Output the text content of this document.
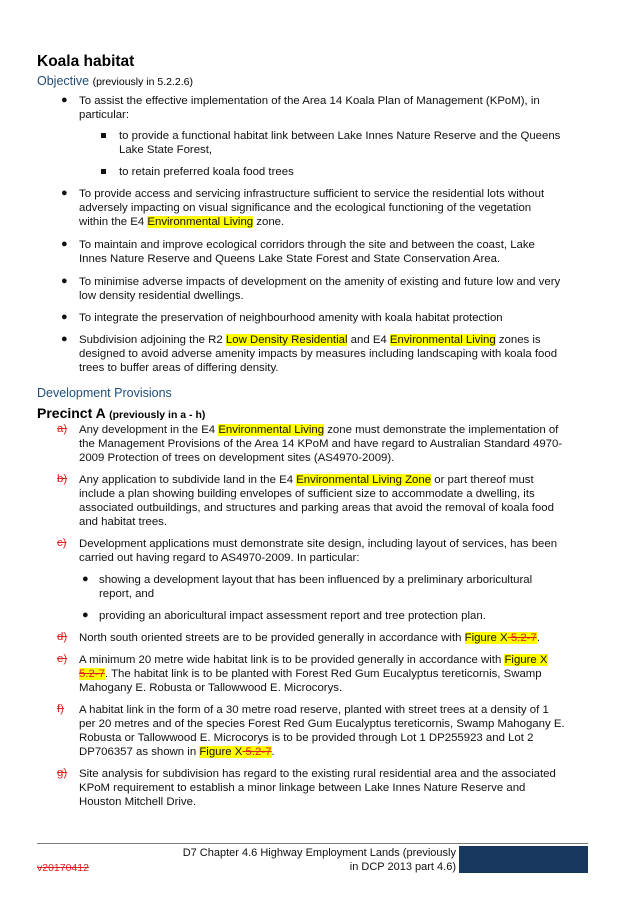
Koala habitat
Objective (previously in 5.2.2.6)
● To assist the effective implementation of the Area 14 Koala Plan of Management (KPoM), in particular:
to provide a functional habitat link between Lake Innes Nature Reserve and the Queens
Lake State Forest,
to retain preferred koala food trees
● To provide access and servicing infrastructure sufficient to service the residential lots without
adversely impacting on visual significance and the ecological functioning of the vegetation
within the E4 Environmental Living zone.
● To maintain and improve ecological corridors through the site and between the coast, Lake
Innes Nature Reserve and Queens Lake State Forest and State Conservation Area.
● To minimise adverse impacts of development on the amenity of existing and future low and very
low density residential dwellings.
● To integrate the preservation of neighbourhood amenity with koala habitat protection
● Subdivision adjoining the R2 Low Density Residential and E4 Environmental Living zones is
designed to avoid adverse amenity impacts by measures including landscaping with koala food
trees to buffer areas of differing density.
Development Provisions
Precinct A (previously in a - h)
a) Any development in the E4 Environmental Living zone must demonstrate the implementation of
the Management Provisions of the Area 14 KPoM and have regard to Australian Standard 4970-
2009 Protection of trees on development sites (AS4970-2009).
b) Any application to subdivide land in the E4 Environmental Living Zone or part thereof must
include a plan showing building envelopes of sufficient size to accommodate a dwelling, its
associated outbuildings, and structures and parking areas that avoid the removal of koala food
and habitat trees.
c) Development applications must demonstrate site design, including layout of services, has been
carried out having regard to AS4970-2009. In particular:
● showing a development layout that has been influenced by a preliminary arboricultural
report, and
● providing an aboricultural impact assessment report and tree protection plan.
d) North south oriented streets are to be provided generally in accordance with Figure X 5.2-7.
e) A minimum 20 metre wide habitat link is to be provided generally in accordance with Figure X
5.2-7. The habitat link is to be planted with Forest Red Gum Eucalyptus tereticornis, Swamp
Mahogany E. Robusta or Tallowwood E. Microcorys.
f) A habitat link in the form of a 30 metre road reserve, planted with street trees at a density of 1
per 20 metres and of the species Forest Red Gum Eucalyptus tereticornis, Swamp Mahogany E.
Robusta or Tallowwood E. Microcorys is to be provided through Lot 1 DP255923 and Lot 2
DP706357 as shown in Figure X 5.2-7.
g) Site analysis for subdivision has regard to the existing rural residential area and the associated
KPoM requirement to establish a minor linkage between Lake Innes Nature Reserve and
Houston Mitchell Drive.
D7 Chapter 4.6 Highway Employment Lands (previously
in DCP 2013 part 4.6)
v20170412
